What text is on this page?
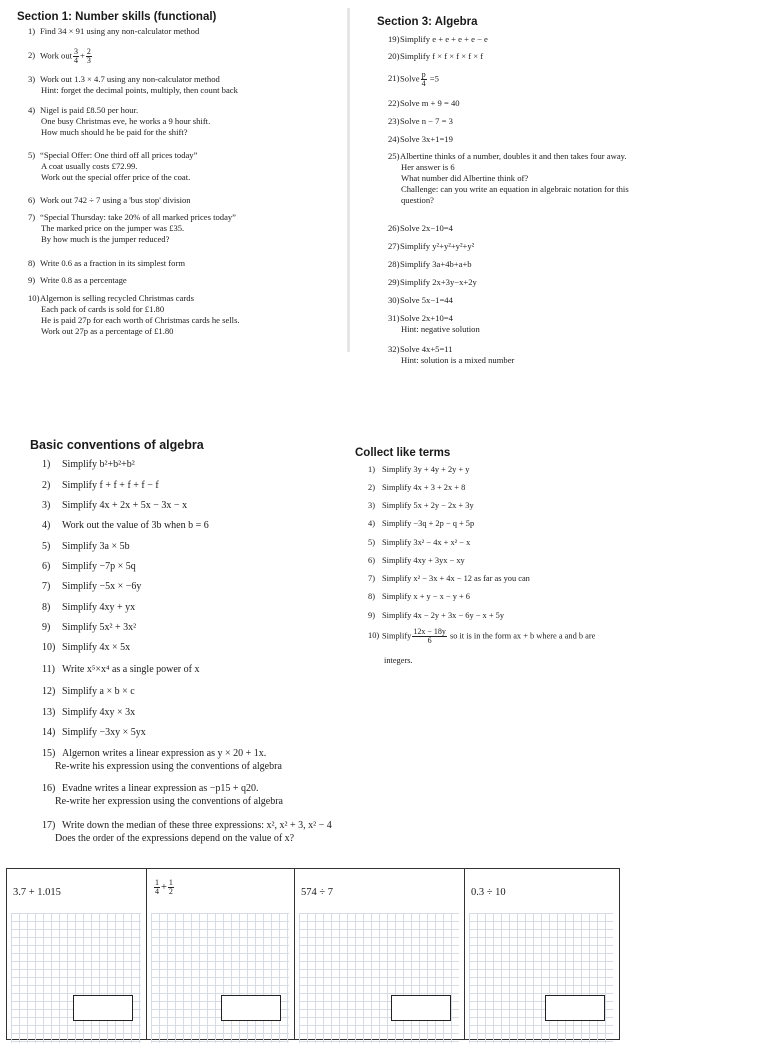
Section 1: Number skills (functional)
1) Find 34 × 91 using any non-calculator method
2) Work out $\frac{3}{4} + \frac{2}{3}$
3) Work out 1.3 × 4.7 using any non-calculator method
Hint: forget the decimal points, multiply, then count back
4) Nigel is paid £8.50 per hour.
One busy Christmas eve, he works a 9 hour shift.
How much should he be paid for the shift?
5) “Special Offer: One third off all prices today”
A coat usually costs £72.99.
Work out the special offer price of the coat.
6) Work out 742 ÷ 7 using a 'bus stop' division
7) “Special Thursday: take 20% of all marked prices today”
The marked price on the jumper was £35.
By how much is the jumper reduced?
8) Write 0.6 as a fraction in its simplest form
9) Write 0.8 as a percentage
10)Algernon is selling recycled Christmas cards
Each pack of cards is sold for £1.80
He is paid 27p for each worth of Christmas cards he sells.
Work out 27p as a percentage of £1.80
Section 3: Algebra
19)Simplify e + e + e + e − e
20)Simplify f × f × f × f × f
21)Solve $\frac{p}{4} =5$
22)Solve m + 9 = 40
23)Solve n − 7 = 3
24)Solve 3x+1=19
25)Albertine thinks of a number, doubles it and then takes four away.
Her answer is 6
What number did Albertine think of?
Challenge: can you write an equation in algebraic notation for this
question?
26)Solve 2x−10=4
27)Simplify y²+y²+y²+y²
28)Simplify 3a+4b+a+b
29)Simplify 2x+3y−x+2y
30)Solve 5x−1=44
31)Solve 2x+10=4
Hint: negative solution
32)Solve 4x+5=11
Hint: solution is a mixed number
Basic conventions of algebra
1) Simplify b²+b²+b²
2) Simplify f + f + f + f − f
3) Simplify 4x + 2x + 5x − 3x − x
4) Work out the value of 3b when b = 6
5) Simplify 3a × 5b
6) Simplify −7p × 5q
7) Simplify −5x × −6y
8) Simplify 4xy + yx
9) Simplify 5x² + 3x²
10) Simplify 4x × 5x
11) Write x⁵×x⁴ as a single power of x
12) Simplify a × b × c
13) Simplify 4xy × 3x
14) Simplify −3xy × 5yx
15) Algernon writes a linear expression as y × 20 + 1x.
Re-write his expression using the conventions of algebra
16) Evadne writes a linear expression as −p15 + q20.
Re-write her expression using the conventions of algebra
17) Write down the median of these three expressions: x², x² + 3, x² − 4
Does the order of the expressions depend on the value of x?
Collect like terms
1) Simplify 3y + 4y + 2y + y
2) Simplify 4x + 3 + 2x + 8
3) Simplify 5x + 2y − 2x + 3y
4) Simplify −3q + 2p − q + 5p
5) Simplify 3x² − 4x + x² − x
6) Simplify 4xy + 3yx − xy
7) Simplify x² − 3x + 4x − 12 as far as you can
8) Simplify x + y − x − y + 6
9) Simplify 4x − 2y + 3x − 6y − x + 5y
10) Simplify $\frac{12x - 18y}{6}$ so it is in the form ax + b where a and b are
integers.
3.7 + 1.015	$\frac{1}{4} + \frac{1}{2}$	574 ÷ 7	0.3 ÷ 10
